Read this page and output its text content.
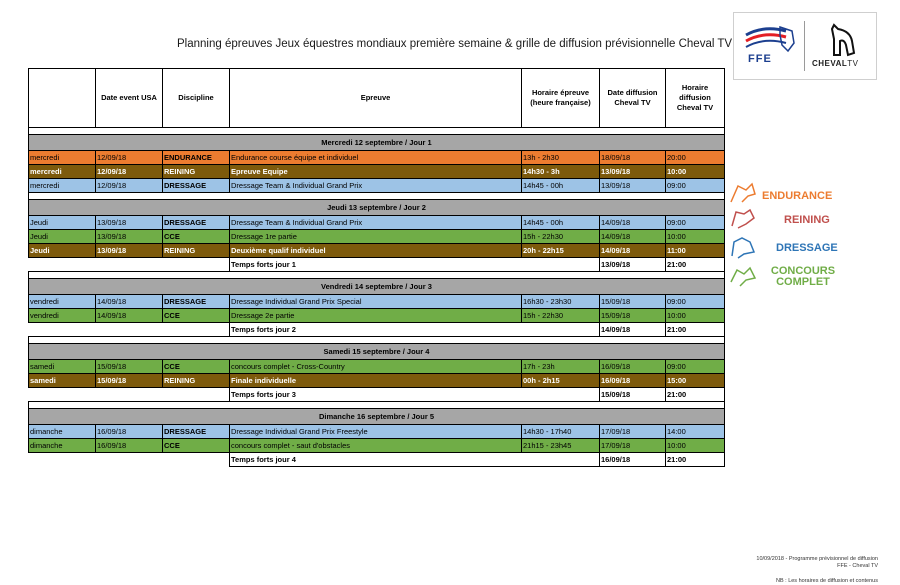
Planning épreuves Jeux équestres mondiaux première semaine & grille de diffusion prévisionnelle Cheval TV
FFE	CHEVALTV
	Date event USA	Discipline	Epreuve	Horaire épreuve (heure française)	Date diffusion Cheval TV	Horaire diffusion Cheval TV

Mercredi 12 septembre / Jour 1						
mercredi	12/09/18	ENDURANCE	Endurance course équipe et individuel	13h - 2h30	18/09/18	20:00
mercredi	12/09/18	REINING	Epreuve Equipe	14h30 - 3h	13/09/18	10:00
mercredi	12/09/18	DRESSAGE	Dressage Team & Individual Grand Prix	14h45 - 00h	13/09/18	09:00

Jeudi 13 septembre / Jour 2						
Jeudi	13/09/18	DRESSAGE	Dressage Team & Individual Grand Prix	14h45 - 00h	14/09/18	09:00
Jeudi	13/09/18	CCE	Dressage 1re partie	15h - 22h30	14/09/18	10:00
Jeudi	13/09/18	REINING	Deuxième qualif individuel	20h - 22h15	14/09/18	11:00
			Temps forts jour 1		13/09/18	21:00

Vendredi 14 septembre / Jour 3						
vendredi	14/09/18	DRESSAGE	Dressage Individual Grand Prix Special	16h30 - 23h30	15/09/18	09:00
vendredi	14/09/18	CCE	Dressage 2e partie	15h - 22h30	15/09/18	10:00
			Temps forts jour 2		14/09/18	21:00

Samedi 15 septembre / Jour 4						
samedi	15/09/18	CCE	concours complet - Cross-Country	17h - 23h	16/09/18	09:00
samedi	15/09/18	REINING	Finale individuelle	00h - 2h15	16/09/18	15:00
			Temps forts jour 3		15/09/18	21:00

Dimanche 16 septembre / Jour 5						
dimanche	16/09/18	DRESSAGE	Dressage Individual Grand Prix Freestyle	14h30 - 17h40	17/09/18	14:00
dimanche	16/09/18	CCE	concours complet - saut d'obstacles	21h15 - 23h45	17/09/18	10:00
			Temps forts jour 4		16/09/18	21:00
ENDURANCE
REINING
DRESSAGE
CONCOURS COMPLET
10/09/2018 - Programme prévisionnel de diffusion FFE - Cheval TV
NB : Les horaires de diffusion et contenus
